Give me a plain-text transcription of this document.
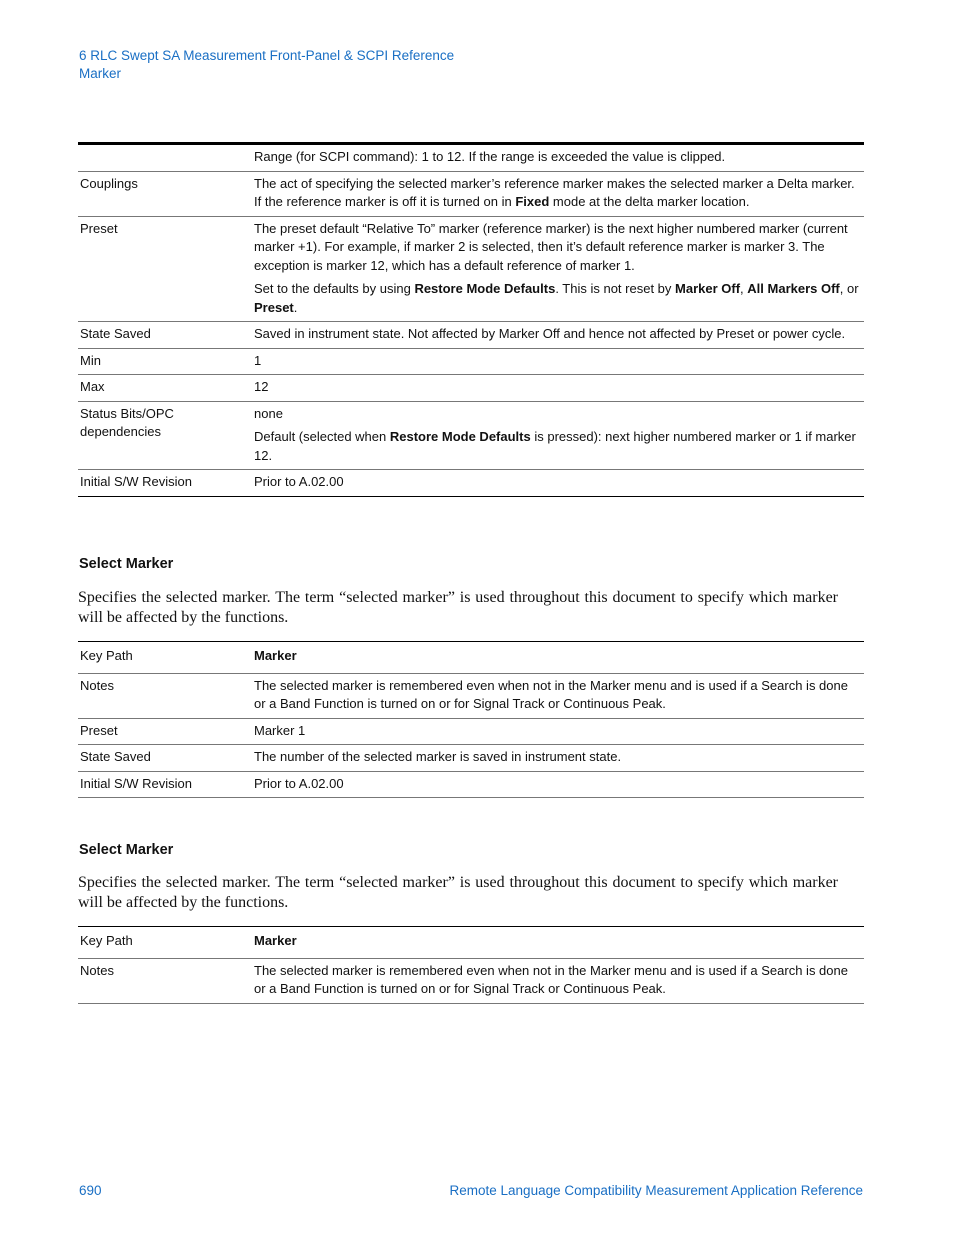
6 RLC Swept SA Measurement Front-Panel & SCPI Reference
Marker
	Range (for SCPI command): 1 to 12. If the range is exceeded the value is clipped.
Couplings	The act of specifying the selected marker’s reference marker makes the selected marker a Delta marker. If the reference marker is off it is turned on in Fixed mode at the delta marker location.
Preset	The preset default “Relative To” marker (reference marker) is the next higher numbered marker (current marker +1). For example, if marker 2 is selected, then it’s default reference marker is marker 3. The exception is marker 12, which has a default reference of marker 1.

Set to the defaults by using Restore Mode Defaults. This is not reset by Marker Off, All Markers Off, or Preset.

State Saved	Saved in instrument state. Not affected by Marker Off and hence not affected by Preset or power cycle.
Min	1
Max	12
Status Bits/OPC dependencies	none

Default (selected when Restore Mode Defaults is pressed): next higher numbered marker or 1 if marker 12.

Initial S/W Revision	Prior to A.02.00
Select Marker
Specifies the selected marker. The term “selected marker” is used throughout this document to specify which marker will be affected by the functions.
Key Path	Marker
Notes	The selected marker is remembered even when not in the Marker menu and is used if a Search is done or a Band Function is turned on or for Signal Track or Continuous Peak.
Preset	Marker 1
State Saved	The number of the selected marker is saved in instrument state.
Initial S/W Revision	Prior to A.02.00
Select Marker
Specifies the selected marker. The term “selected marker” is used throughout this document to specify which marker will be affected by the functions.
Key Path	Marker
Notes	The selected marker is remembered even when not in the Marker menu and is used if a Search is done or a Band Function is turned on or for Signal Track or Continuous Peak.
690	Remote Language Compatibility Measurement Application Reference
